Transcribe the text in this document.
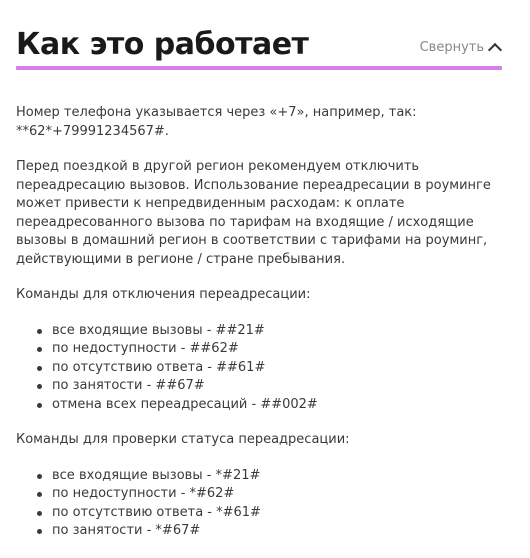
Как это работает	Свернуть

Номер телефона указывается через «+7», например, так: **62*+79991234567#.

Перед поездкой в другой регион рекомендуем отключить переадресацию вызовов. Использование переадресации в роуминге может привести к непредвиденным расходам: к оплате переадресованного вызова по тарифам на входящие / исходящие вызовы в домашний регион в соответствии с тарифами на роуминг, действующими в регионе / стране пребывания.

Команды для отключения переадресации:

все входящие вызовы - ##21#
по недоступности - ##62#
по отсутствию ответа - ##61#
по занятости - ##67#
отмена всех переадресаций - ##002#

Команды для проверки статуса переадресации:

все входящие вызовы - *#21#
по недоступности - *#62#
по отсутствию ответа - *#61#
по занятости - *#67#
